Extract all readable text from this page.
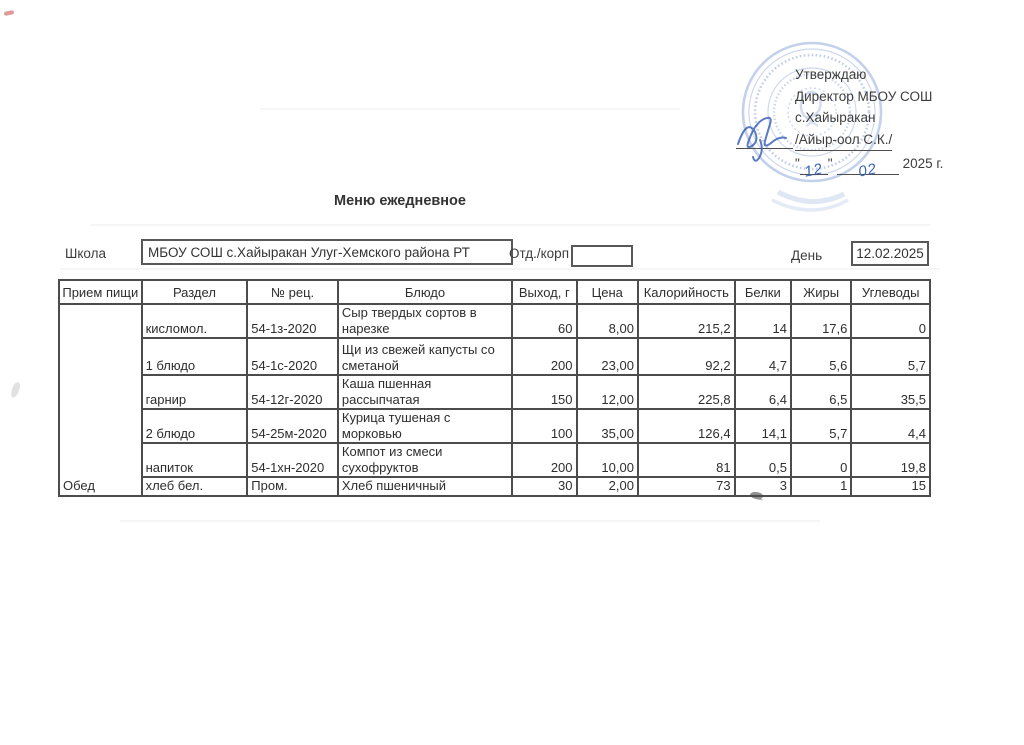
Утверждаю
Директор МБОУ СОШ
с.Хайыракан
/Айыр-оол С.К./
" 12 " 02 2025 г.
Меню ежедневное
Школа	МБОУ СОШ с.Хайыракан Улуг-Хемского района РТ	Отд./корп	День	12.02.2025
Прием пищи	Раздел	№ рец.	Блюдо	Выход, г	Цена	Калорийность	Белки	Жиры	Углеводы
Обед	кисломол.	54-1з-2020	Сыр твердых сортов в нарезке	60	8,00	215,2	14	17,6	0
	1 блюдо	54-1с-2020	Щи из свежей капусты со сметаной	200	23,00	92,2	4,7	5,6	5,7
	гарнир	54-12г-2020	Каша пшенная рассыпчатая	150	12,00	225,8	6,4	6,5	35,5
	2 блюдо	54-25м-2020	Курица тушеная с морковью	100	35,00	126,4	14,1	5,7	4,4
	напиток	54-1хн-2020	Компот из смеси сухофруктов	200	10,00	81	0,5	0	19,8
	хлеб бел.	Пром.	Хлеб пшеничный	30	2,00	73	3	1	15
